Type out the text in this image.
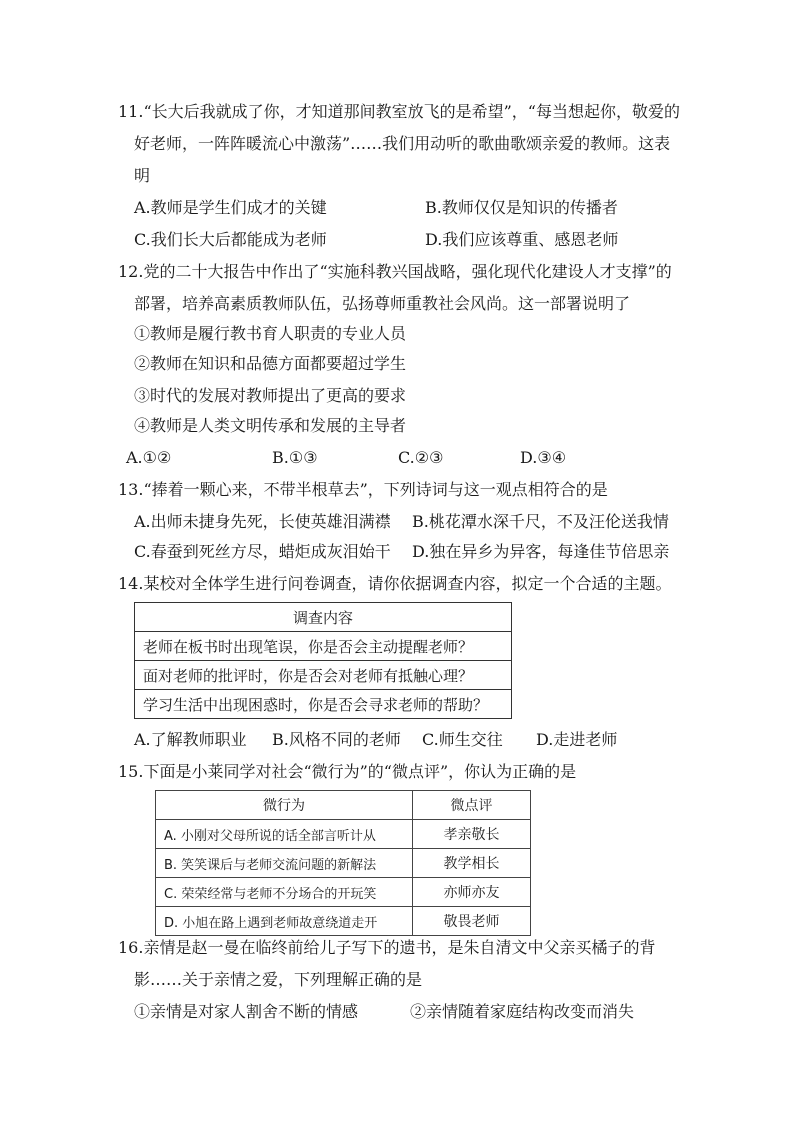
11.“长大后我就成了你，才知道那间教室放飞的是希望”，“每当想起你，敬爱的
好老师，一阵阵暖流心中激荡”……我们用动听的歌曲歌颂亲爱的教师。这表
明
A.教师是学生们成才的关键	B.教师仅仅是知识的传播者
C.我们长大后都能成为老师	D.我们应该尊重、感恩老师
12.党的二十大报告中作出了“实施科教兴国战略，强化现代化建设人才支撑”的
部署，培养高素质教师队伍，弘扬尊师重教社会风尚。这一部署说明了
①教师是履行教书育人职责的专业人员
②教师在知识和品德方面都要超过学生
③时代的发展对教师提出了更高的要求
④教师是人类文明传承和发展的主导者
A.①②	B.①③	C.②③	D.③④
13.“捧着一颗心来，不带半根草去”，下列诗词与这一观点相符合的是
A.出师未捷身先死，长使英雄泪满襟 B.桃花潭水深千尺，不及汪伦送我情
C.春蚕到死丝方尽，蜡炬成灰泪始干 D.独在异乡为异客，每逢佳节倍思亲
14.某校对全体学生进行问卷调查，请你依据调查内容，拟定一个合适的主题。
调查内容
老师在板书时出现笔误，你是否会主动提醒老师？
面对老师的批评时，你是否会对老师有抵触心理？
学习生活中出现困惑时，你是否会寻求老师的帮助？
A.了解教师职业 B.风格不同的老师 C.师生交往 D.走进老师
15.下面是小莱同学对社会“微行为”的“微点评”，你认为正确的是
微行为	微点评
A. 小刚对父母所说的话全部言听计从	孝亲敬长
B. 笑笑课后与老师交流问题的新解法	教学相长
C. 荣荣经常与老师不分场合的开玩笑	亦师亦友
D. 小旭在路上遇到老师故意绕道走开	敬畏老师
16.亲情是赵一曼在临终前给儿子写下的遗书，是朱自清文中父亲买橘子的背
影……关于亲情之爱，下列理解正确的是
①亲情是对家人割舍不断的情感	②亲情随着家庭结构改变而消失
